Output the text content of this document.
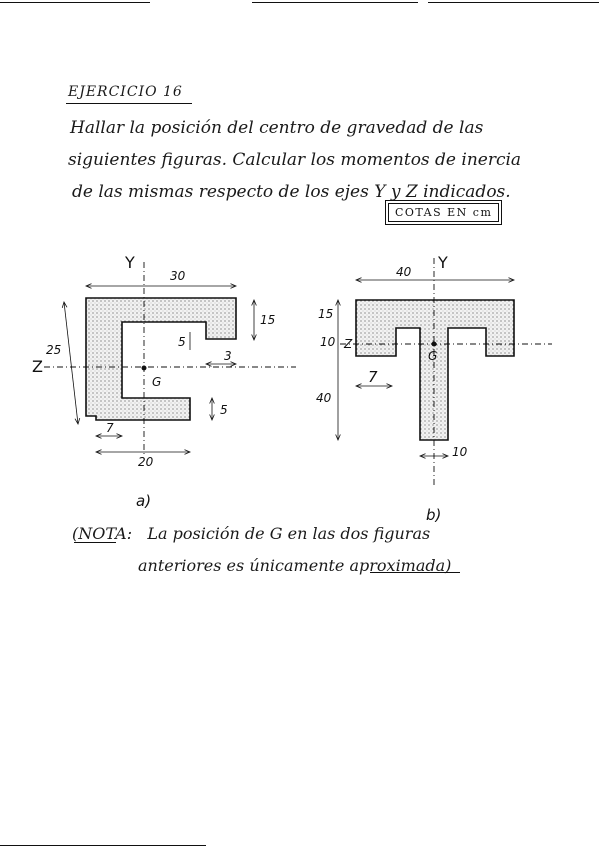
EJERCICIO 16
Hallar la posición del centro de gravedad de las
siguientes figuras. Calcular los momentos de inercia
de las mismas respecto de los ejes Y y Z indicados.
COTAS EN cm
Y
Z
G
30
25
15
5
3
5
7
20
a)
Y
Z
G
40
15
10
40
7
10
b)
(NOTA: La posición de G en las dos figuras
anteriores es únicamente aproximada)
